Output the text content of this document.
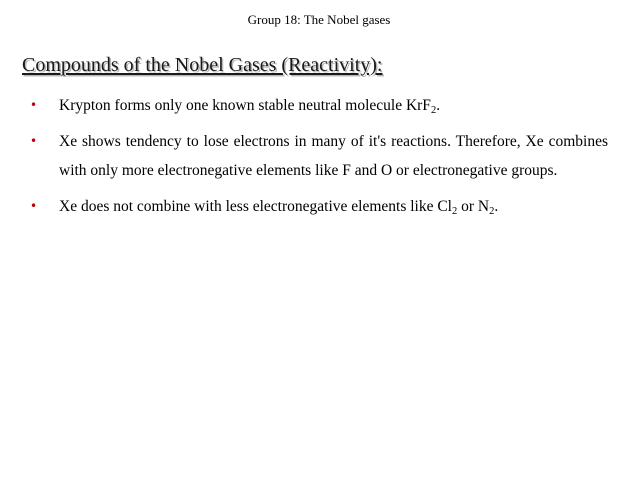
Group 18: The Nobel gases
Compounds of the Nobel Gases (Reactivity):
• Krypton forms only one known stable neutral molecule KrF$_2$.
• Xe shows tendency to lose electrons in many of it's reactions. Therefore, Xe combines with only more electronegative elements like F and O or electronegative groups.
• Xe does not combine with less electronegative elements like $Cl_2$ or $N_2$.
